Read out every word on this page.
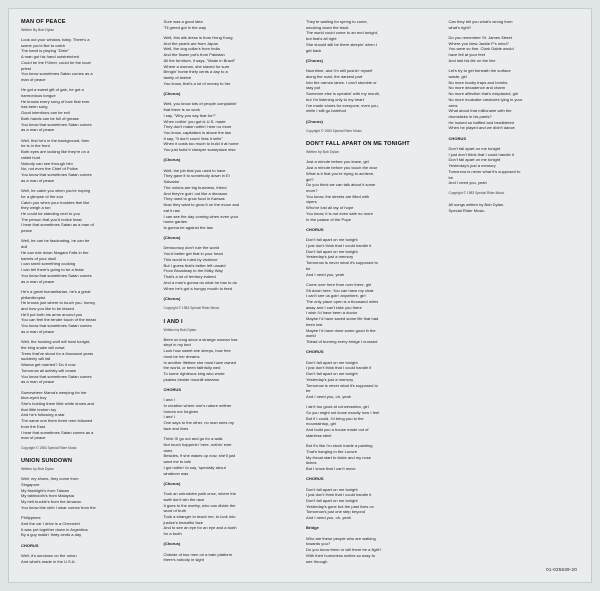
MAN OF PEACE
Written By Bob Dylan
Look out your window, baby. There's a
scene you'd like to catch
The band is playing "Dixie"
A man got his hand outstretched
Could be the Führer, could be the local
priest
You know sometimes Satan comes as a
man of peace
He got a sweet gift of gab, he got a
harmonious tongue
He knows every song of love that ever
has been sung
Good intentions can be evil
Both hands can be full of grease
You know that sometimes Satan comes
as a man of peace
Well, first he's in the background, then
he is in the front
Both eyes are looking like they're on a
rabbit hunt
Nobody can see through him
No, not even the Chief of Police
You know that sometimes Satan comes
as a man of peace
Well, he catch you when you're hoping
for a glimpse of the sun
Catch you when your troubles feel like
they weigh a ton
He could be standing next to you
The person that you'd notice least
I hear that sometimes Satan as a man of
peace
Well, he can be fascinating, he can be
dull
He can ride down Niagara Falls in the
barrels of your skull
I can smell something cooking
I can tell there's going to be a feast
You know that sometimes Satan comes
as a man of peace
He's a great humanitarian, he's a great
philanthropist
He knows just where to touch you, honey,
and how you like to be kissed
He'll put both his arms around you
You can feel the tender touch of the beast
You know that sometimes Satan comes
as a man of peace
Well, the howling wolf will howl tonight,
the king snake will crawl
Trees that've stood for a thousand years
suddenly will fall
Wanna get married? Do it now
Tomorrow all activity will cease
You know that sometimes Satan comes
as a man of peace
Somewhere Mama's weeping for her
blue-eyed boy
She's holding them little white shoes and
that little broken toy
And he's following a star
The same one them three men followed
from the East
I hear that sometimes Satan comes as a
man of peace
Copyright © 1983 Special Rider Music
UNION SUNDOWN
Written by Bob Dylan
Well, my shoes, they come from
Singapore
My flashlight's from Taiwan
My tablecloth's from Malaysia
My belt buckle's from the Amazon
You know this shirt I wear comes from the
Philippines
And the car I drive is a Chevrolet
It was put together down in Argentina
By a guy makin' thirty cents a day
CHORUS
Well, it's sundown on the union
And what's made in the U.S.A.
Sure was a good idea
'Til greed got in the way
Well, this silk dress is from Hong Kong
And the pearls are from Japan
Well, the dog collar's from India
And the flower pot's from Pakistan
All the furniture, it says, "Made in Brazil"
Where a woman, she slaved for sure
Bringin' home thirty cents a day to a
family of twelve
You know, that's a lot of money to her
(Chorus)
Well, you know lots of people complainin'
that there is no work
I say, "Why you say that for?"
When nothin' you got is U.S. made
They don't make nothin' here no more
You know, capitalism is above the law
It say, "It don't count 'less it sells"
When it costs too much to build it at home
You just build it cheaper someplace else
(Chorus)
Well, the job that you used to have
They gave it to somebody down in El
Salvador
The unions are big business, friend
And they're goin' out like a dinosaur
They used to grow food in Kansas
Now they want to grow it on the moon and
eat it raw
I can see the day coming when even your
home garden
Is gonna be against the law
(Chorus)
Democracy don't rule the world
You'd better get that in your head
This world is ruled by violence
But I guess that's better left unsaid
From Broadway to the Milky Way
That's a lot of territory indeed
And a man's gonna do what he has to do
When he's got a hungry mouth to feed
(Chorus)
Copyright © 1983 Special Rider Music
I AND I
Written by Bob Dylan
Been so long since a strange woman has
slept in my bed
Look how sweet she sleeps, how free
must be her dreams
In another lifetime she must have owned
the world, or been faithfully wed
To some righteous king who wrote
psalms beside moonlit streams
CHORUS
I and I
In creation where one's nature neither
honors nor forgives
I and I
One says to the other, no man sees my
face and lives
Think I'll go out and go for a walk
Not much happenin' here, nothin' ever
does
Besides, if she wakes up now, she'll just
want me to talk
I got nothin' to say, 'specially about
whatever was
(Chorus)
Took an untrodden path once, where the
swift don't win the race
It goes to the worthy, who can divide the
word of truth
Took a stranger to teach me, to look into
justice's beautiful face
And to see an eye for an eye and a tooth
for a tooth
(Chorus)
Outside of two men on a train platform
there's nobody in sight
They're waiting for spring to come,
smoking down the track
The world could come to an end tonight,
but that's all right
She should still be there sleepin' when I
get back
(Chorus)
Noontime, and I'm still pushin' myself
along the road, the darkest part
Into the narrow lanes. I can't stumble or
stay put
Someone else is speakin' with my mouth,
but I'm listening only to my heart
I've made shoes for everyone, even you,
while I still go barefoot
(Chorus)
Copyright © 1983 Special Rider Music
DON'T FALL APART ON ME TONIGHT
Written by Bob Dylan
Just a minute before you leave, girl
Just a minute before you touch the door
What is it that you're trying to achieve,
girl?
Do you think we can talk about it some
more?
You know, the streets are filled with
vipers
Who've lost all ray of hope
You know, it is not even safe no more
In the palace of the Pope
CHORUS
Don't fall apart on me tonight
I just don't think that I could handle it
Don't fall apart on me tonight
Yesterday's just a memory
Tomorrow is never what it's supposed to
be
And I need you, yeah
Come over here from over there, girl
Sit down here. You can have my chair
I can't see us goin' anywhere, girl
The only place open is a thousand miles
away and I can't take you there
I wish I'd have been a doctor
Maybe I'd have saved some life that had
been lost
Maybe I'd have done some good in the
world
'Stead of burning every bridge I crossed
CHORUS
Don't fall apart on me tonight
I just don't think that I could handle it
Don't fall apart on me tonight
Yesterday's just a memory
Tomorrow is never what it's supposed to
be
And I need you, oh, yeah
I ain't too good at conversation, girl
So you might not know exactly how I feel
But if I could, I'd bring you to the
mountaintop, girl
And build you a house made out of
stainless steel
But it's like I'm stuck inside a painting
That's hanging in the Louvre
My throat start to tickle and my nose
itches
But I know that I can't move
CHORUS
Don't fall apart on me tonight
I just don't think that I could handle it
Don't fall apart on me tonight
Yesterday's gone but the past lives on
Tomorrow's just one step beyond
And I need you, oh, yeah
Bridge
Who are these people who are walking
towards you?
Do you know them or will there be a fight?
With their humorless smiles so easy to
see through
Can they tell you what's wrong from
what's right?
Do you remember St. James Street
Where you blew Jackie P's mind?
You were so fine. Clark Gable would
have fell at your feet
And laid his life on the line
Let's try to get beneath the surface
waste, girl
No more booby traps and bombs
No more decadence and charm
No more affection that's misplaced, girl
No more mudcake creatures lying in your
arms
What about that millionaire with the
drumsticks in his pants?
He looked so baffled and bewildered
When he played and we didn't dance
CHORUS
Don't fall apart on me tonight
I just don't think that I could handle it
Don't fall apart on me tonight
Yesterday's just a memory
Tomorrow is never what it's supposed to
be
And I need you, yeah
Copyright © 1983 Special Rider Music
All songs written by Bob Dylan.
Special Rider Music.
01-025539-20
